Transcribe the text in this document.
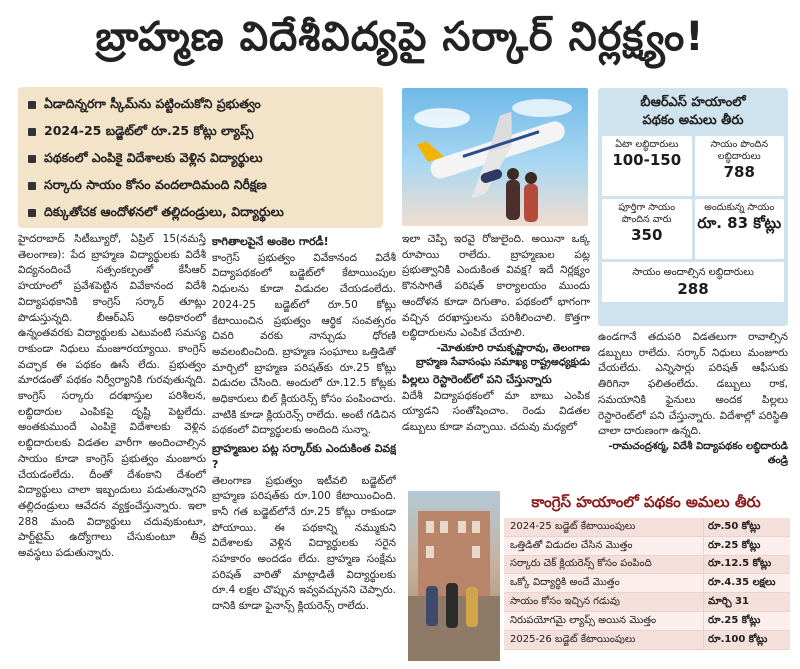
బ్రాహ్మణ విదేశీవిద్యపై సర్కార్ నిర్లక్ష్యం!
ఏడాదిన్నరగా స్కీమ్‌ను పట్టించుకోని ప్రభుత్వం
2024-25 బడ్జెట్‌లో రూ.25 కోట్లు ల్యాప్స్
పథకంలో ఎంపికై విదేశాలకు వెళ్లిన విద్యార్థులు
సర్కారు సాయం కోసం వందలాదిమంది నిరీక్షణ
దిక్కుతోచక ఆందోళనలో తల్లిదండ్రులు, విద్యార్థులు
బీఆర్‌ఎస్ హయాంలో
పథకం అమలు తీరు
ఏటా లబ్ధిదారులు
100-150
సాయం పొందిన లబ్ధిదారులు
788
పూర్తిగా సాయం పొందిన వారు
350
అందుకున్న సాయం
రూ. 83 కోట్లు
సాయం అందాల్సిన లబ్ధిదారులు
288

హైదరాబాద్ సిటీబ్యూరో, ఏప్రిల్ 15(నమస్తే తెలంగాణ): పేద బ్రాహ్మణ విద్యార్థులకు విదేశీ విద్యనందించే సత్సంకల్పంతో కేసీఆర్ హయాంలో ప్రవేశపెట్టిన వివేకానంద విదేశీ విద్యాపథకానికి కాంగ్రెస్ సర్కార్ తూట్లు పొడుస్తున్నది. బీఆర్‌ఎస్ అధికారంలో ఉన్నంతవరకు విద్యార్థులకు ఎటువంటి సమస్య రాకుండా నిధులు మంజూరయ్యాయి. కాంగ్రెస్ వచ్చాక ఈ పథకం ఊసే లేదు. ప్రభుత్వం మారడంతో పథకం నిర్వీర్యానికి గురవుతున్నది. కాంగ్రెస్ సర్కారు దరఖాస్తుల పరిశీలన, లబ్ధిదారుల ఎంపికపై దృష్టి పెట్టలేదు. అంతకుముందే ఎంపికై విదేశాలకు వెళ్లిన లబ్ధిదారులకు విడతల వారీగా అందించాల్సిన సాయం కూడా కాంగ్రెస్ ప్రభుత్వం మంజూరు చేయడంలేదు. దీంతో దేశంకాని దేశంలో విద్యార్థులు చాలా ఇబ్బందులు పడుతున్నారని తల్లిదండ్రులు ఆవేదన వ్యక్తంచేస్తున్నారు. ఇలా 288 మంది విద్యార్థులు చదువుకుంటూ, పార్ట్‌టైమ్ ఉద్యోగాలు చేసుకుంటూ తీవ్ర అవస్థలు పడుతున్నారు.

కాగితాలపైనే అంకెల గారడీ!

కాంగ్రెస్ ప్రభుత్వం వివేకానంద విదేశీ విద్యాపథకంలో బడ్జెట్‌లో కేటాయింపుల నిధులను కూడా విడుదల చేయడంలేదు. 2024-25 బడ్జెట్‌లో రూ.50 కోట్లు కేటాయించిన ప్రభుత్వం ఆర్థిక సంవత్సరం చివరి వరకు నాన్చుడు ధోరణి అవలంబించింది. బ్రాహ్మణ సంఘాలు ఒత్తిడితో మార్చిలో బ్రాహ్మణ పరిషత్‌కు రూ.25 కోట్లు విడుదల చేసింది. అందులో రూ.12.5 కోట్లకు అధికారులు బిల్ క్లియరెన్స్ కోసం పంపించారు. వాటికి కూడా క్లియరెన్స్ రాలేదు. అంటే గడిచిన పథకంలో విద్యార్థులకు అందింది సున్నా.

బ్రాహ్మణుల పట్ల సర్కార్‌కు ఎందుకింత వివక్ష ?

తెలంగాణ ప్రభుత్వం ఇటీవలి బడ్జెట్‌లో బ్రాహ్మణ పరిషత్‌కు రూ.100 కేటాయించింది. కానీ గత బడ్జెట్‌లోనే రూ.25 కోట్లు రాకుండా పోయాయి. ఈ పథకాన్ని నమ్ముకుని విదేశాలకు వెళ్లిన విద్యార్థులకు సరైన సహకారం అందడం లేదు. బ్రాహ్మణ సంక్షేమ పరిషత్ వారితో మాట్లాడితే విద్యార్థులకు రూ.4 లక్షల చొప్పున ఇవ్వవచ్చునని చెప్పారు. దానికి కూడా ఫైనాన్స్ క్లియరెన్స్ రాలేదు.

ఇలా చెప్పి ఇరవై రోజులైంది. అయినా ఒక్క రూపాయి రాలేదు. బ్రాహ్మణుల పట్ల ప్రభుత్వానికి ఎందుకింత వివక్ష? ఇదే నిర్లక్ష్యం కొనసాగితే పరిషత్ కార్యాలయం ముందు ఆందోళన కూడా దిగుతాం. పథకంలో భాగంగా వచ్చిన దరఖాస్తులను పరిశీలించాలి. కొత్తగా లబ్ధిదారులను ఎంపిక చేయాలి.

-మోతుకూరి రామకృష్ణారావు, తెలంగాణ బ్రాహ్మణ సేవాసంఘ సమాఖ్య రాష్ట్రఅధ్యక్షుడు
పిల్లలు రెస్టారెంట్‌లో పని చేస్తున్నారు

విదేశీ విద్యాపథకంలో మా బాబు ఎంపిక య్యాడని సంతోషించాం. రెండు విడతల డబ్బులు కూడా వచ్చాయి. చదువు మధ్యలో

ఉండగానే తదుపరి విడతలుగా రావాల్సిన డబ్బులు రాలేదు. సర్కార్ నిధులు మంజూరు చేయలేదు. ఎన్నిసార్లు పరిషత్ ఆఫీసుకు తిరిగినా ఫలితంలేదు. డబ్బులు రాక, సమయానికి ఫైనులు అందక పిల్లలు రెస్టారెంట్‌లో పని చేస్తున్నారు. విదేశాల్లో పరిస్థితి చాలా దారుణంగా ఉన్నది.

-రామచంద్రశర్మ, విదేశీ విద్యాపథకం లబ్ధిదారుడి తండ్రి
కాంగ్రెస్ హయాంలో పథకం అమలు తీరు
2024-25 బడ్జెట్ కేటాయింపులు	రూ.50 కోట్లు
ఒత్తిడితో విడుదల చేసిన మొత్తం	రూ.25 కోట్లు
సర్కారు చెక్ క్లియరెన్స్ కోసం పంపింది	రూ.12.5 కోట్లు
ఒక్కో విద్యార్థికి అందే మొత్తం	రూ.4.35 లక్షలు
సాయం కోసం ఇచ్చిన గడువు	మార్చి 31
నిరుపయోగమై ల్యాప్స్ అయిన మొత్తం	రూ.25 కోట్లు
2025-26 బడ్జెట్ కేటాయింపులు	రూ.100 కోట్లు
